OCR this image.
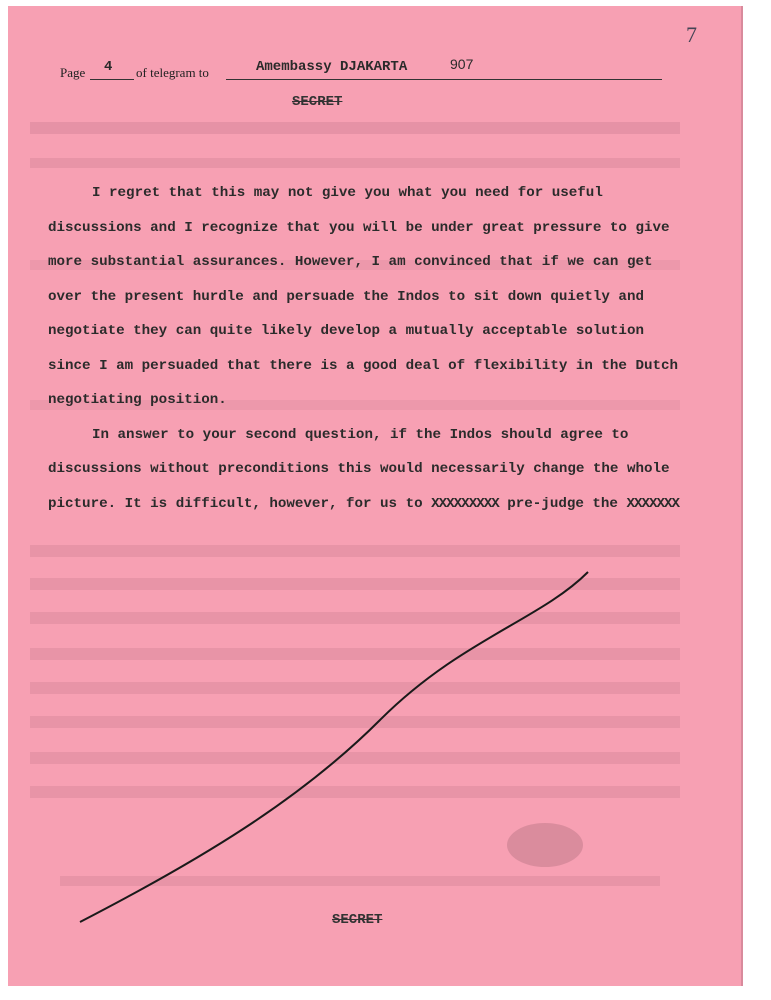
7
Page 4 of telegram to	Amembassy DJAKARTA	907
SECRET

I regret that this may not give you what you need for useful discussions and I recognize that you will be under great pressure to give more substantial assurances. However, I am convinced that if we can get over the present hurdle and persuade the Indos to sit down quietly and negotiate they can quite likely develop a mutually acceptable solution since I am persuaded that there is a good deal of flexibility in the Dutch negotiating position.

In answer to your second question, if the Indos should agree to discussions without preconditions this would necessarily change the whole picture. It is difficult, however, for us to XXXXXXXXX pre-judge the XXXXXXX

SECRET
